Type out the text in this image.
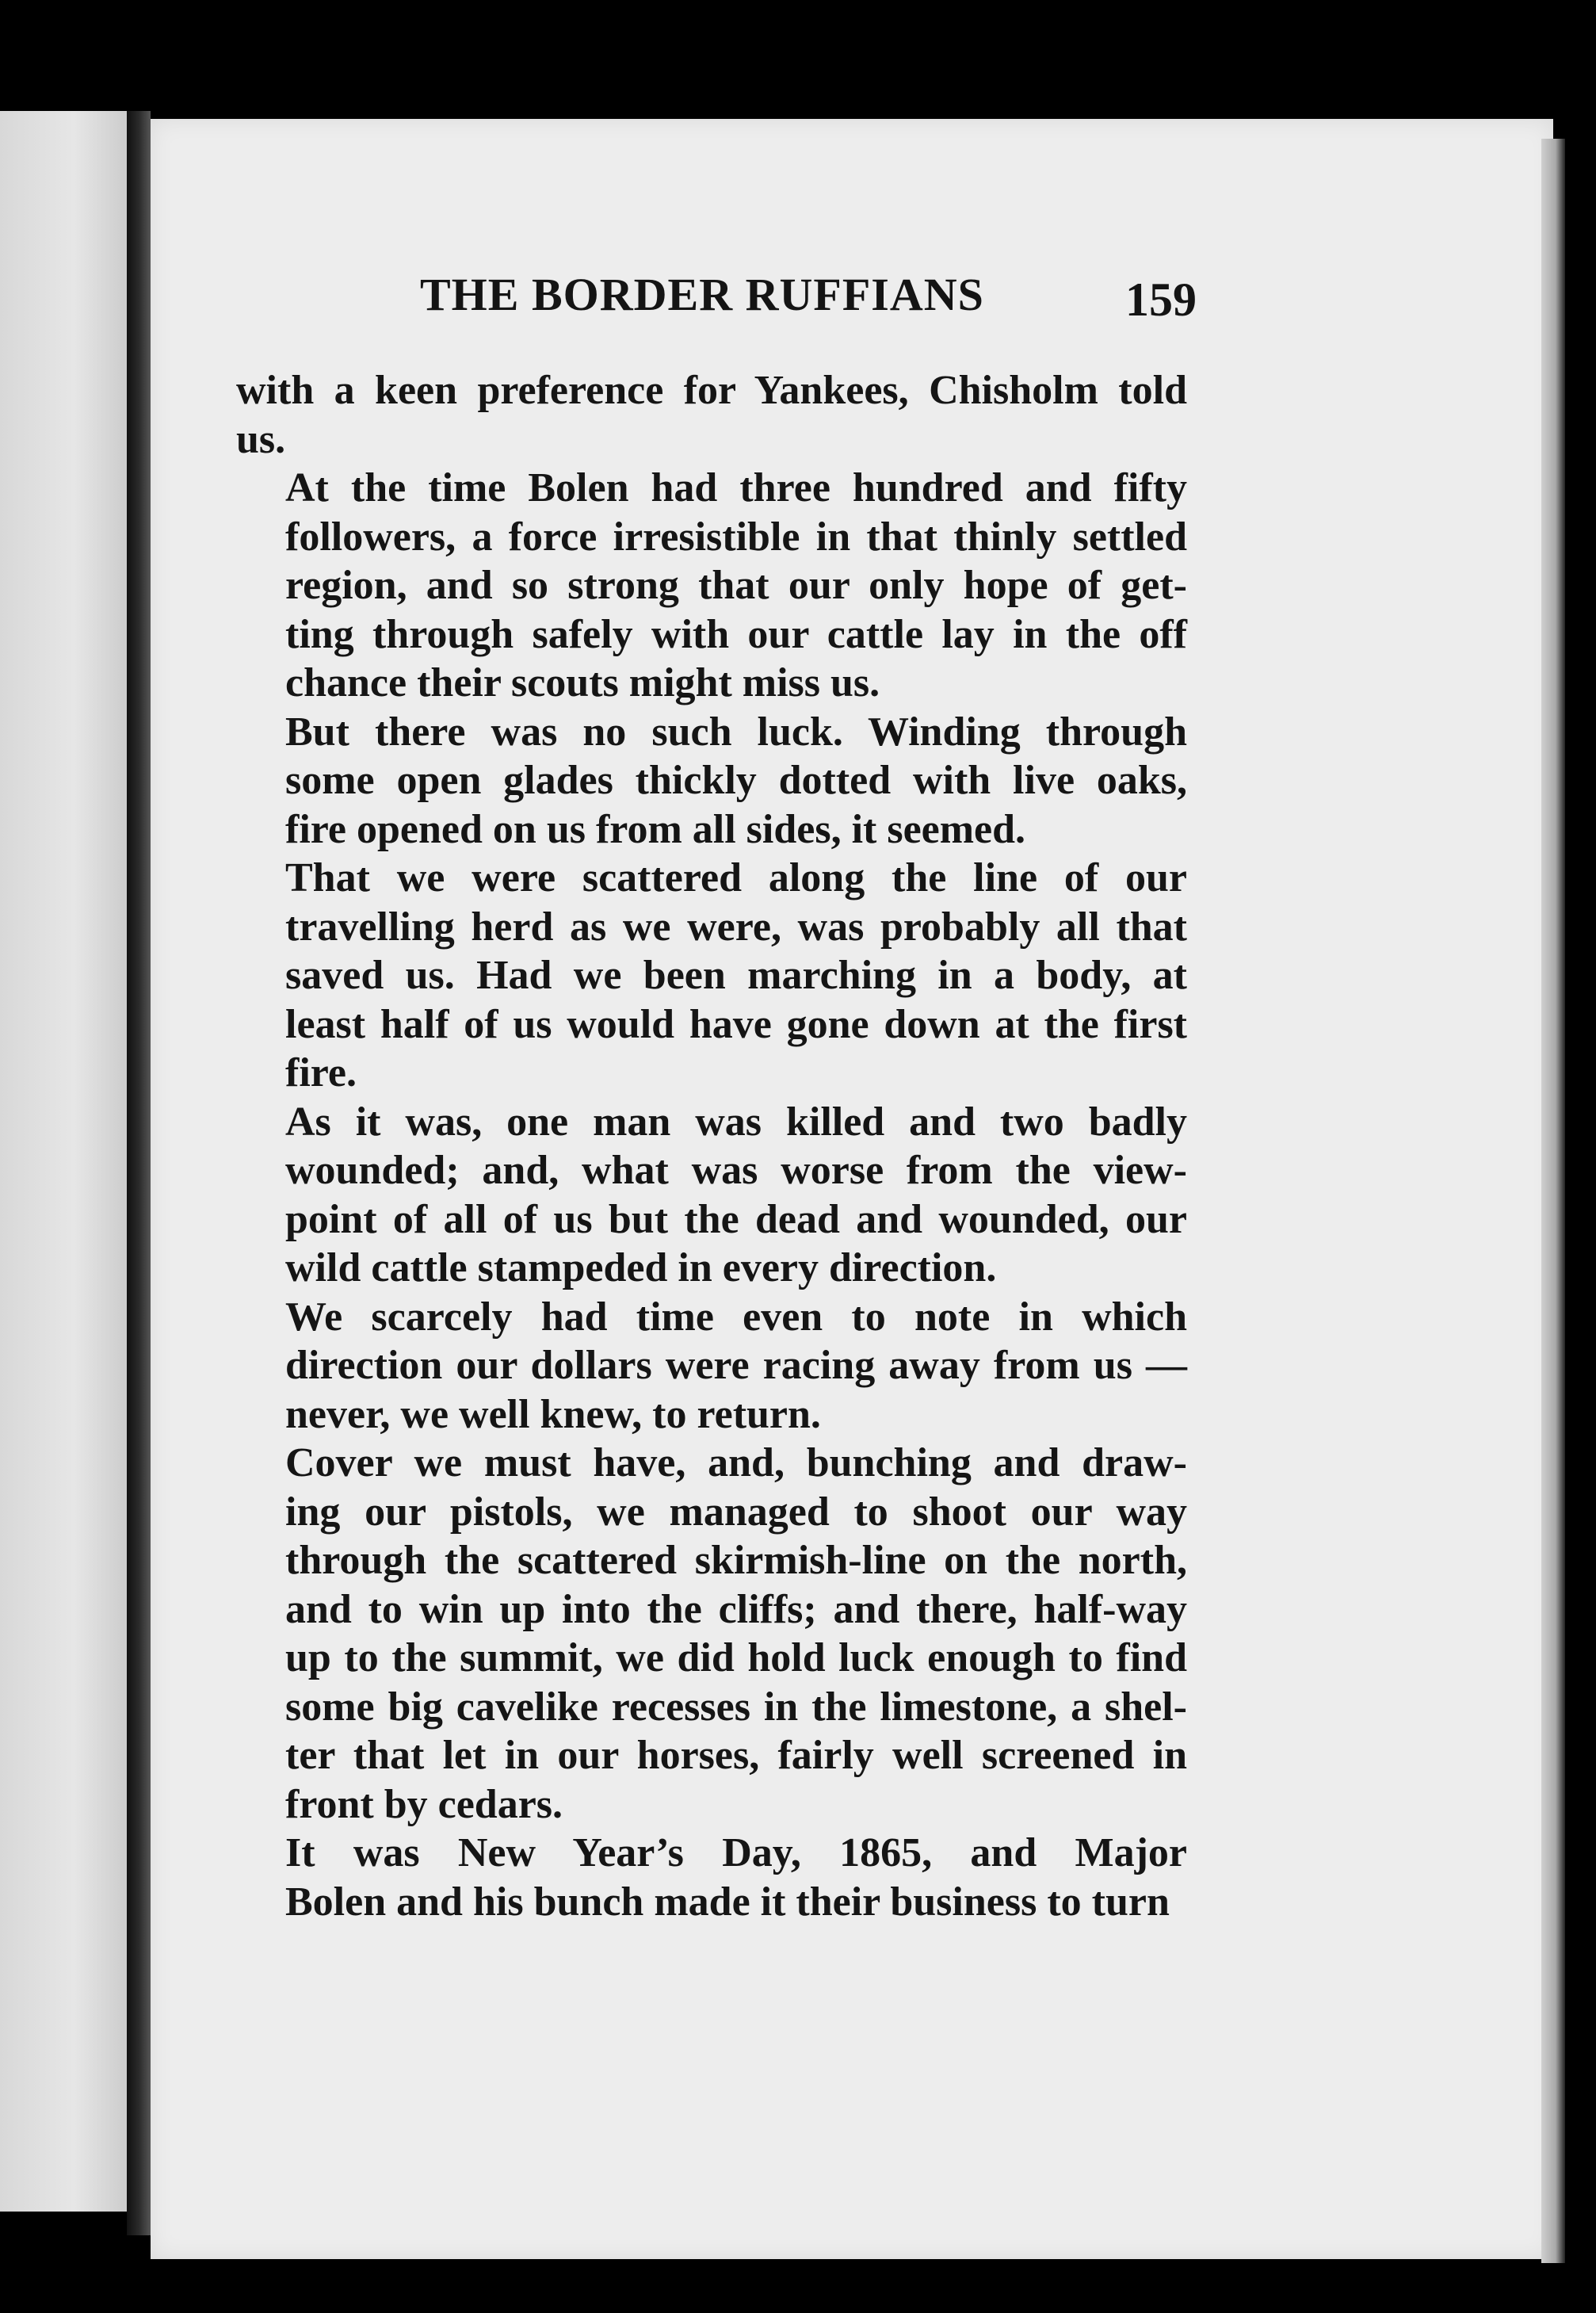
THE BORDER RUFFIANS	159

with a keen preference for Yankees, Chisholm told
us.

At the time Bolen had three hundred and fifty
followers, a force irresistible in that thinly settled
region, and so strong that our only hope of get-
ting through safely with our cattle lay in the off
chance their scouts might miss us.

But there was no such luck. Winding through
some open glades thickly dotted with live oaks,
fire opened on us from all sides, it seemed.

That we were scattered along the line of our
travelling herd as we were, was probably all that
saved us. Had we been marching in a body, at
least half of us would have gone down at the first
fire.

As it was, one man was killed and two badly
wounded; and, what was worse from the view-
point of all of us but the dead and wounded, our
wild cattle stampeded in every direction.

We scarcely had time even to note in which
direction our dollars were racing away from us —
never, we well knew, to return.

Cover we must have, and, bunching and draw-
ing our pistols, we managed to shoot our way
through the scattered skirmish-line on the north,
and to win up into the cliffs; and there, half-way
up to the summit, we did hold luck enough to find
some big cavelike recesses in the limestone, a shel-
ter that let in our horses, fairly well screened in
front by cedars.

It was New Year’s Day, 1865, and Major
Bolen and his bunch made it their business to turn
